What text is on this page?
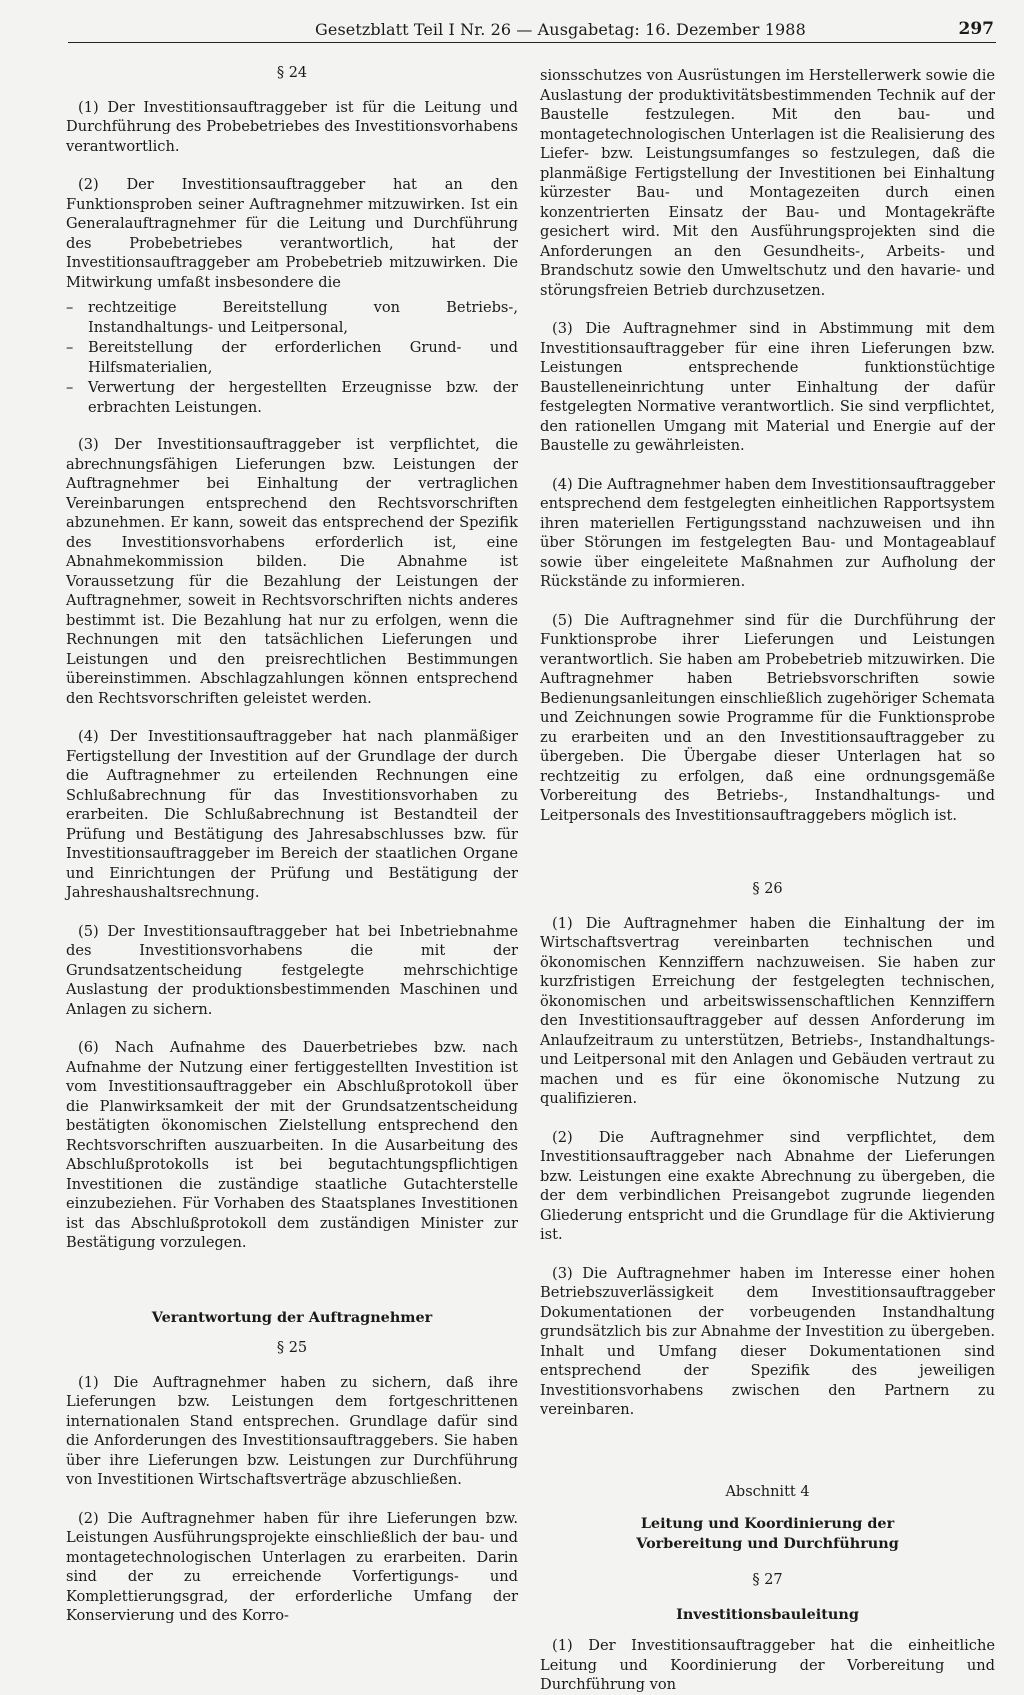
Gesetzblatt Teil I Nr. 26 — Ausgabetag: 16. Dezember 1988	297
§ 24

(1) Der Investitionsauftraggeber ist für die Leitung und Durchführung des Probebetriebes des Investitionsvorhabens verantwortlich.

(2) Der Investitionsauftraggeber hat an den Funktionsproben seiner Auftragnehmer mitzuwirken. Ist ein Generalauftragnehmer für die Leitung und Durchführung des Probebetriebes verantwortlich, hat der Investitionsauftraggeber am Probebetrieb mitzuwirken. Die Mitwirkung umfaßt insbesondere die

– rechtzeitige Bereitstellung von Betriebs-, Instandhaltungs- und Leitpersonal,
– Bereitstellung der erforderlichen Grund- und Hilfsmaterialien,
– Verwertung der hergestellten Erzeugnisse bzw. der erbrachten Leistungen.

(3) Der Investitionsauftraggeber ist verpflichtet, die abrechnungsfähigen Lieferungen bzw. Leistungen der Auftragnehmer bei Einhaltung der vertraglichen Vereinbarungen entsprechend den Rechtsvorschriften abzunehmen. Er kann, soweit das entsprechend der Spezifik des Investitionsvorhabens erforderlich ist, eine Abnahmekommission bilden. Die Abnahme ist Voraussetzung für die Bezahlung der Leistungen der Auftragnehmer, soweit in Rechtsvorschriften nichts anderes bestimmt ist. Die Bezahlung hat nur zu erfolgen, wenn die Rechnungen mit den tatsächlichen Lieferungen und Leistungen und den preisrechtlichen Bestimmungen übereinstimmen. Abschlagzahlungen können entsprechend den Rechtsvorschriften geleistet werden.

(4) Der Investitionsauftraggeber hat nach planmäßiger Fertigstellung der Investition auf der Grundlage der durch die Auftragnehmer zu erteilenden Rechnungen eine Schlußabrechnung für das Investitionsvorhaben zu erarbeiten. Die Schlußabrechnung ist Bestandteil der Prüfung und Bestätigung des Jahresabschlusses bzw. für Investitionsauftraggeber im Bereich der staatlichen Organe und Einrichtungen der Prüfung und Bestätigung der Jahreshaushaltsrechnung.

(5) Der Investitionsauftraggeber hat bei Inbetriebnahme des Investitionsvorhabens die mit der Grundsatzentscheidung festgelegte mehrschichtige Auslastung der produktionsbestimmenden Maschinen und Anlagen zu sichern.

(6) Nach Aufnahme des Dauerbetriebes bzw. nach Aufnahme der Nutzung einer fertiggestellten Investition ist vom Investitionsauftraggeber ein Abschlußprotokoll über die Planwirksamkeit der mit der Grundsatzentscheidung bestätigten ökonomischen Zielstellung entsprechend den Rechtsvorschriften auszuarbeiten. In die Ausarbeitung des Abschlußprotokolls ist bei begutachtungspflichtigen Investitionen die zuständige staatliche Gutachterstelle einzubeziehen. Für Vorhaben des Staatsplanes Investitionen ist das Abschlußprotokoll dem zuständigen Minister zur Bestätigung vorzulegen.

Verantwortung der Auftragnehmer
§ 25

(1) Die Auftragnehmer haben zu sichern, daß ihre Lieferungen bzw. Leistungen dem fortgeschrittenen internationalen Stand entsprechen. Grundlage dafür sind die Anforderungen des Investitionsauftraggebers. Sie haben über ihre Lieferungen bzw. Leistungen zur Durchführung von Investitionen Wirtschaftsverträge abzuschließen.

(2) Die Auftragnehmer haben für ihre Lieferungen bzw. Leistungen Ausführungsprojekte einschließlich der bau- und montagetechnologischen Unterlagen zu erarbeiten. Darin sind der zu erreichende Vorfertigungs- und Komplettierungsgrad, der erforderliche Umfang der Konservierung und des Korro-

sionsschutzes von Ausrüstungen im Herstellerwerk sowie die Auslastung der produktivitätsbestimmenden Technik auf der Baustelle festzulegen. Mit den bau- und montagetechnologischen Unterlagen ist die Realisierung des Liefer- bzw. Leistungsumfanges so festzulegen, daß die planmäßige Fertigstellung der Investitionen bei Einhaltung kürzester Bau- und Montagezeiten durch einen konzentrierten Einsatz der Bau- und Montagekräfte gesichert wird. Mit den Ausführungsprojekten sind die Anforderungen an den Gesundheits-, Arbeits- und Brandschutz sowie den Umweltschutz und den havarie- und störungsfreien Betrieb durchzusetzen.

(3) Die Auftragnehmer sind in Abstimmung mit dem Investitionsauftraggeber für eine ihren Lieferungen bzw. Leistungen entsprechende funktionstüchtige Baustelleneinrichtung unter Einhaltung der dafür festgelegten Normative verantwortlich. Sie sind verpflichtet, den rationellen Umgang mit Material und Energie auf der Baustelle zu gewährleisten.

(4) Die Auftragnehmer haben dem Investitionsauftraggeber entsprechend dem festgelegten einheitlichen Rapportsystem ihren materiellen Fertigungsstand nachzuweisen und ihn über Störungen im festgelegten Bau- und Montageablauf sowie über eingeleitete Maßnahmen zur Aufholung der Rückstände zu informieren.

(5) Die Auftragnehmer sind für die Durchführung der Funktionsprobe ihrer Lieferungen und Leistungen verantwortlich. Sie haben am Probebetrieb mitzuwirken. Die Auftragnehmer haben Betriebsvorschriften sowie Bedienungsanleitungen einschließlich zugehöriger Schemata und Zeichnungen sowie Programme für die Funktionsprobe zu erarbeiten und an den Investitionsauftraggeber zu übergeben. Die Übergabe dieser Unterlagen hat so rechtzeitig zu erfolgen, daß eine ordnungsgemäße Vorbereitung des Betriebs-, Instandhaltungs- und Leitpersonals des Investitionsauftraggebers möglich ist.

§ 26

(1) Die Auftragnehmer haben die Einhaltung der im Wirtschaftsvertrag vereinbarten technischen und ökonomischen Kennziffern nachzuweisen. Sie haben zur kurzfristigen Erreichung der festgelegten technischen, ökonomischen und arbeitswissenschaftlichen Kennziffern den Investitionsauftraggeber auf dessen Anforderung im Anlaufzeitraum zu unterstützen, Betriebs-, Instandhaltungs- und Leitpersonal mit den Anlagen und Gebäuden vertraut zu machen und es für eine ökonomische Nutzung zu qualifizieren.

(2) Die Auftragnehmer sind verpflichtet, dem Investitionsauftraggeber nach Abnahme der Lieferungen bzw. Leistungen eine exakte Abrechnung zu übergeben, die der dem verbindlichen Preisangebot zugrunde liegenden Gliederung entspricht und die Grundlage für die Aktivierung ist.

(3) Die Auftragnehmer haben im Interesse einer hohen Betriebszuverlässigkeit dem Investitionsauftraggeber Dokumentationen der vorbeugenden Instandhaltung grundsätzlich bis zur Abnahme der Investition zu übergeben. Inhalt und Umfang dieser Dokumentationen sind entsprechend der Spezifik des jeweiligen Investitionsvorhabens zwischen den Partnern zu vereinbaren.

Abschnitt 4
Leitung und Koordinierung der Vorbereitung und Durchführung
§ 27
Investitionsbauleitung

(1) Der Investitionsauftraggeber hat die einheitliche Leitung und Koordinierung der Vorbereitung und Durchführung von
